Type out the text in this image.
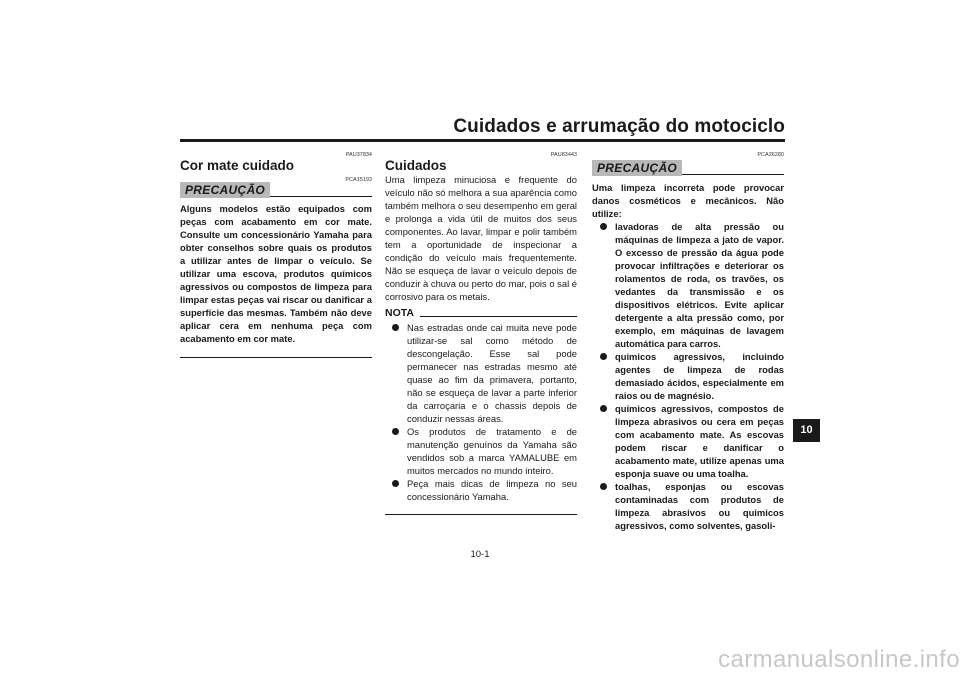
Cuidados e arrumação do motociclo
PAU37834
Cor mate cuidado
PCA15193
PRECAUÇÃO

Alguns modelos estão equipados com peças com acabamento em cor mate. Consulte um concessionário Yamaha para obter conselhos sobre quais os produtos a utilizar antes de limpar o veículo. Se utilizar uma escova, produtos químicos agressivos ou compostos de limpeza para limpar estas peças vai riscar ou danificar a superfície das mesmas. Também não deve aplicar cera em nenhuma peça com acabamento em cor mate.

PAU83443
Cuidados

Uma limpeza minuciosa e frequente do veículo não só melhora a sua aparência como também melhora o seu desempenho em geral e prolonga a vida útil de muitos dos seus componentes. Ao lavar, limpar e polir também tem a oportunidade de inspecionar a condição do veículo mais frequentemente. Não se esqueça de lavar o veículo depois de conduzir à chuva ou perto do mar, pois o sal é corrosivo para os metais.

NOTA
Nas estradas onde cai muita neve pode utilizar-se sal como método de descongelação. Esse sal pode permanecer nas estradas mesmo até quase ao fim da primavera, portanto, não se esqueça de lavar a parte inferior da carroçaria e o chassis depois de conduzir nessas áreas.
Os produtos de tratamento e de manutenção genuínos da Yamaha são vendidos sob a marca YAMALUBE em muitos mercados no mundo inteiro.
Peça mais dicas de limpeza no seu concessionário Yamaha.
PCA26280
PRECAUÇÃO

Uma limpeza incorreta pode provocar danos cosméticos e mecânicos. Não utilize:

lavadoras de alta pressão ou máquinas de limpeza a jato de vapor. O excesso de pressão da água pode provocar infiltrações e deteriorar os rolamentos de roda, os travões, os vedantes da transmissão e os dispositivos elétricos. Evite aplicar detergente a alta pressão como, por exemplo, em máquinas de lavagem automática para carros.
químicos agressivos, incluindo agentes de limpeza de rodas demasiado ácidos, especialmente em raios ou de magnésio.
químicos agressivos, compostos de limpeza abrasivos ou cera em peças com acabamento mate. As escovas podem riscar e danificar o acabamento mate, utilize apenas uma esponja suave ou uma toalha.
toalhas, esponjas ou escovas contaminadas com produtos de limpeza abrasivos ou químicos agressivos, como solventes, gasoli-
10
10-1
carmanualsonline.info
